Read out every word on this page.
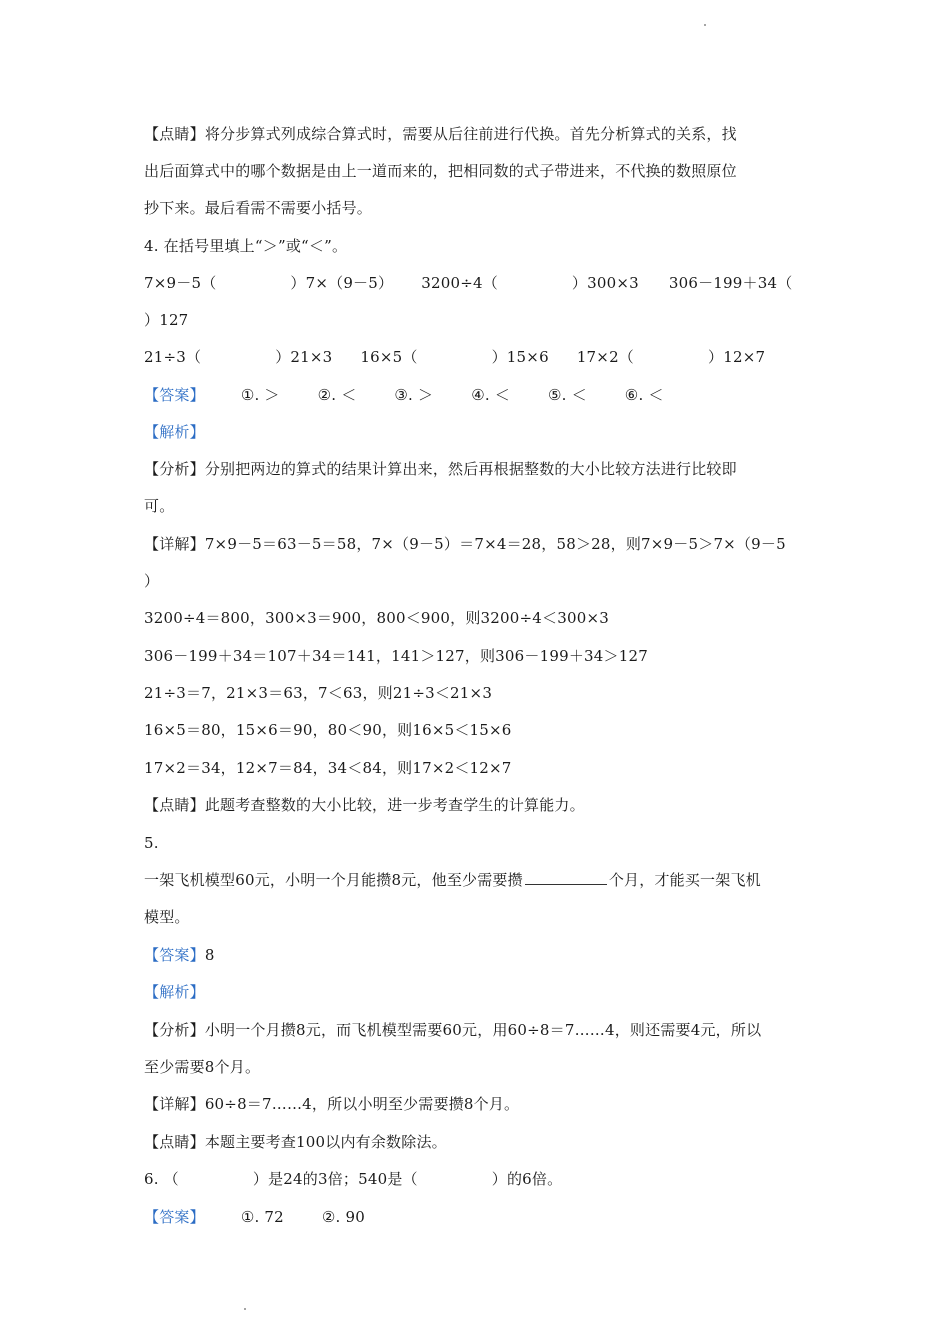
【点睛】将分步算式列成综合算式时，需要从后往前进行代换。首先分析算式的关系，找
出后面算式中的哪个数据是由上一道而来的，把相同数的式子带进来，不代换的数照原位
抄下来。最后看需不需要小括号。
4. 在括号里填上“＞”或“＜”。
7×9－5（	）7×（9－5） 3200÷4（	）300×3 306－199＋34（
）127
21÷3（	）21×3 16×5（	）15×6 17×2（	）12×7
【答案】 ①. ＞	②. ＜	③. ＞	④. ＜	⑤. ＜	⑥. ＜
【解析】
【分析】分别把两边的算式的结果计算出来，然后再根据整数的大小比较方法进行比较即
可。
【详解】7×9－5＝63－5＝58，7×（9－5）＝7×4＝28，58＞28，则7×9－5＞7×（9－5
）
3200÷4＝800，300×3＝900，800＜900，则3200÷4＜300×3
306－199＋34＝107＋34＝141，141＞127，则306－199＋34＞127
21÷3＝7，21×3＝63，7＜63，则21÷3＜21×3
16×5＝80，15×6＝90，80＜90，则16×5＜15×6
17×2＝34，12×7＝84，34＜84，则17×2＜12×7
【点睛】此题考查整数的大小比较，进一步考查学生的计算能力。
5.
一架飞机模型60元，小明一个月能攒8元，他至少需要攒	个月，才能买一架飞机
模型。
【答案】8
【解析】
【分析】小明一个月攒8元，而飞机模型需要60元，用60÷8＝7……4，则还需要4元，所以
至少需要8个月。
【详解】60÷8＝7……4，所以小明至少需要攒8个月。
【点睛】本题主要考查100以内有余数除法。
6. （	）是24的3倍；540是（	）的6倍。
【答案】 ①. 72	②. 90
